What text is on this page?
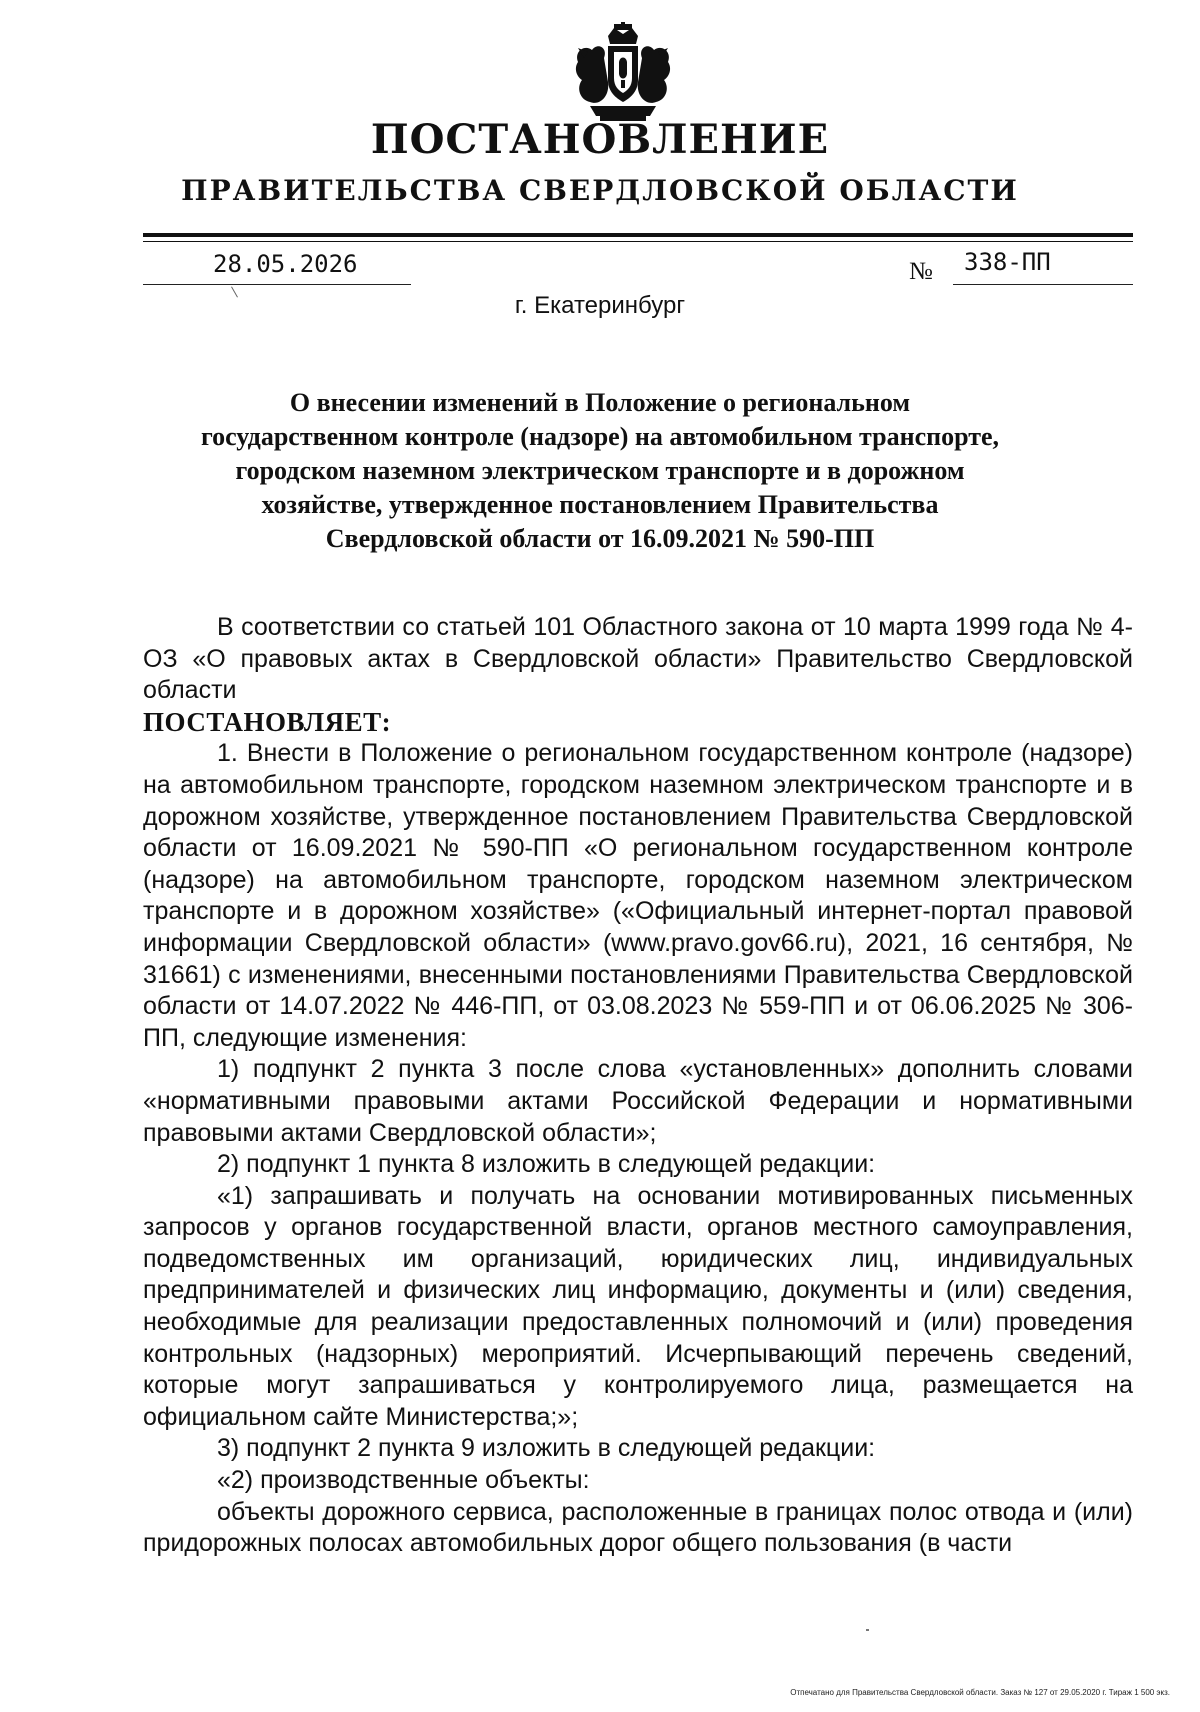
ПОСТАНОВЛЕНИЕ
ПРАВИТЕЛЬСТВА СВЕРДЛОВСКОЙ ОБЛАСТИ
28.05.2026	№ 338-ПП
г. Екатеринбург
О внесении изменений в Положение о региональном
государственном контроле (надзоре) на автомобильном транспорте,
городском наземном электрическом транспорте и в дорожном
хозяйстве, утвержденное постановлением Правительства
Свердловской области от 16.09.2021 № 590-ПП

В соответствии со статьей 101 Областного закона от 10 марта 1999 года № 4-ОЗ «О правовых актах в Свердловской области» Правительство Свердловской области

ПОСТАНОВЛЯЕТ:

1. Внести в Положение о региональном государственном контроле (надзоре) на автомобильном транспорте, городском наземном электрическом транспорте и в дорожном хозяйстве, утвержденное постановлением Правительства Свердловской области от 16.09.2021 № 590-ПП «О региональном государственном контроле (надзоре) на автомобильном транспорте, городском наземном электрическом транспорте и в дорожном хозяйстве» («Официальный интернет-портал правовой информации Свердловской области» (www.pravo.gov66.ru), 2021, 16 сентября, № 31661) с изменениями, внесенными постановлениями Правительства Свердловской области от 14.07.2022 № 446-ПП, от 03.08.2023 № 559-ПП и от 06.06.2025 № 306-ПП, следующие изменения:

1) подпункт 2 пункта 3 после слова «установленных» дополнить словами «нормативными правовыми актами Российской Федерации и нормативными правовыми актами Свердловской области»;

2) подпункт 1 пункта 8 изложить в следующей редакции:

«1) запрашивать и получать на основании мотивированных письменных запросов у органов государственной власти, органов местного самоуправления, подведомственных им организаций, юридических лиц, индивидуальных предпринимателей и физических лиц информацию, документы и (или) сведения, необходимые для реализации предоставленных полномочий и (или) проведения контрольных (надзорных) мероприятий. Исчерпывающий перечень сведений, которые могут запрашиваться у контролируемого лица, размещается на официальном сайте Министерства;»;

3) подпункт 2 пункта 9 изложить в следующей редакции:

«2) производственные объекты:

объекты дорожного сервиса, расположенные в границах полос отвода и (или) придорожных полосах автомобильных дорог общего пользования (в части

Отпечатано для Правительства Свердловской области. Заказ № 127 от 29.05.2020 г. Тираж 1 500 экз.
